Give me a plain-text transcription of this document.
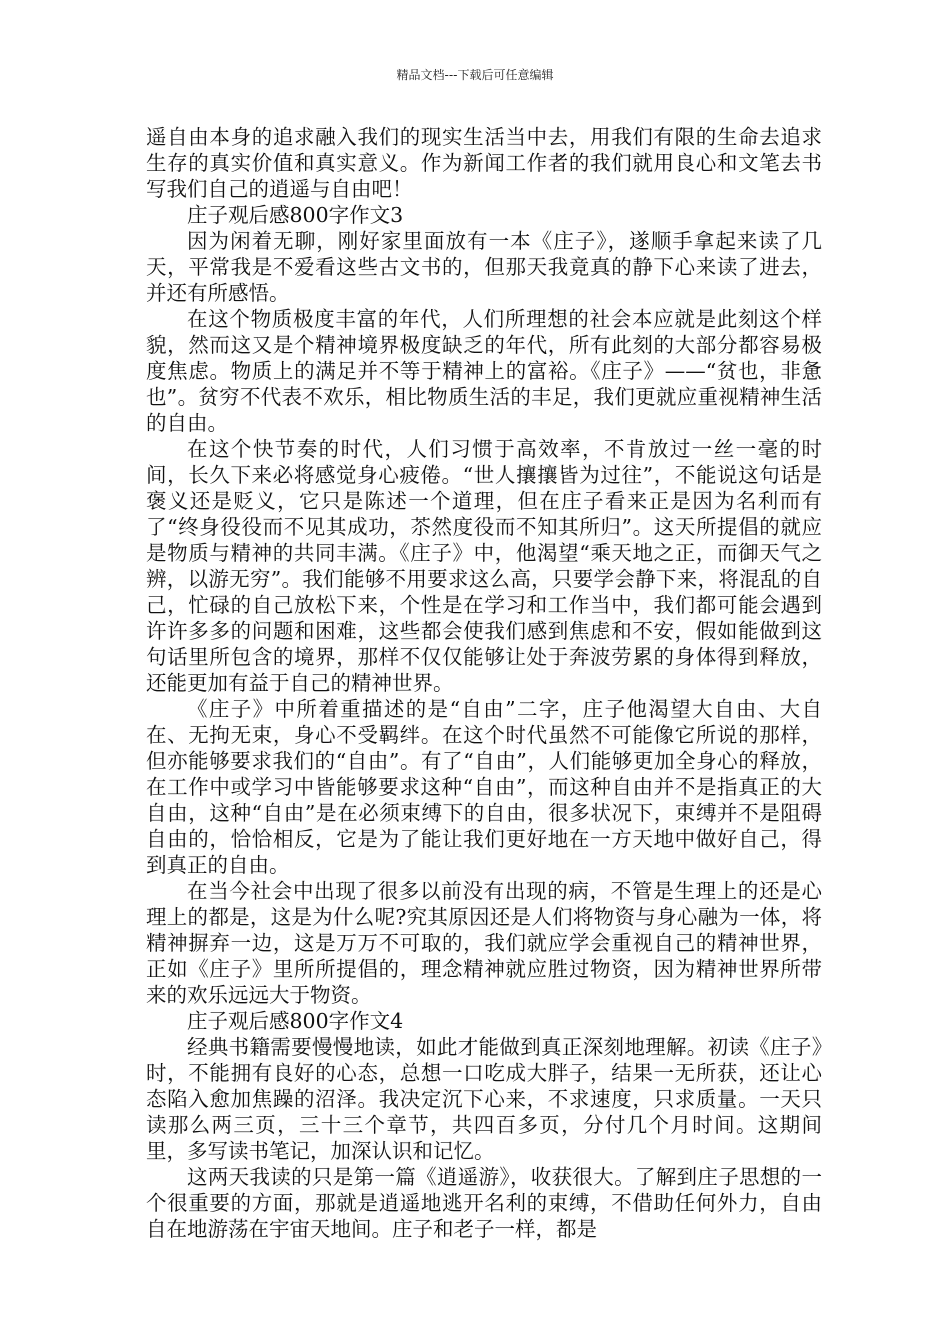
精品文档---下载后可任意编辑

遥自由本身的追求融入我们的现实生活当中去，用我们有限的生命去追求生存的真实价值和真实意义。作为新闻工作者的我们就用良心和文笔去书写我们自己的逍遥与自由吧！

庄子观后感800字作文3

因为闲着无聊，刚好家里面放有一本《庄子》，遂顺手拿起来读了几天，平常我是不爱看这些古文书的，但那天我竟真的静下心来读了进去，并还有所感悟。

在这个物质极度丰富的年代，人们所理想的社会本应就是此刻这个样貌，然而这又是个精神境界极度缺乏的年代，所有此刻的大部分都容易极度焦虑。物质上的满足并不等于精神上的富裕。《庄子》——“贫也，非惫也”。贫穷不代表不欢乐，相比物质生活的丰足，我们更就应重视精神生活的自由。

在这个快节奏的时代，人们习惯于高效率，不肯放过一丝一毫的时间，长久下来必将感觉身心疲倦。“世人攘攘皆为过往”，不能说这句话是褒义还是贬义，它只是陈述一个道理，但在庄子看来正是因为名利而有了“终身役役而不见其成功，苶然度役而不知其所归”。这天所提倡的就应是物质与精神的共同丰满。《庄子》中，他渴望“乘天地之正，而御天气之辨，以游无穷”。我们能够不用要求这么高，只要学会静下来，将混乱的自己，忙碌的自己放松下来，个性是在学习和工作当中，我们都可能会遇到许许多多的问题和困难，这些都会使我们感到焦虑和不安，假如能做到这句话里所包含的境界，那样不仅仅能够让处于奔波劳累的身体得到释放，还能更加有益于自己的精神世界。

《庄子》中所着重描述的是“自由”二字，庄子他渴望大自由、大自在、无拘无束，身心不受羁绊。在这个时代虽然不可能像它所说的那样，但亦能够要求我们的“自由”。有了“自由”，人们能够更加全身心的释放，在工作中或学习中皆能够要求这种“自由”，而这种自由并不是指真正的大自由，这种“自由”是在必须束缚下的自由，很多状况下，束缚并不是阻碍自由的，恰恰相反，它是为了能让我们更好地在一方天地中做好自己，得到真正的自由。

在当今社会中出现了很多以前没有出现的病，不管是生理上的还是心理上的都是，这是为什么呢?究其原因还是人们将物资与身心融为一体，将精神摒弃一边，这是万万不可取的，我们就应学会重视自己的精神世界，正如《庄子》里所所提倡的，理念精神就应胜过物资，因为精神世界所带来的欢乐远远大于物资。

庄子观后感800字作文4

经典书籍需要慢慢地读，如此才能做到真正深刻地理解。初读《庄子》时，不能拥有良好的心态，总想一口吃成大胖子，结果一无所获，还让心态陷入愈加焦躁的沼泽。我决定沉下心来，不求速度，只求质量。一天只读那么两三页，三十三个章节，共四百多页，分付几个月时间。这期间里，多写读书笔记，加深认识和记忆。

这两天我读的只是第一篇《逍遥游》，收获很大。了解到庄子思想的一个很重要的方面，那就是逍遥地逃开名利的束缚，不借助任何外力，自由自在地游荡在宇宙天地间。庄子和老子一样，都是
